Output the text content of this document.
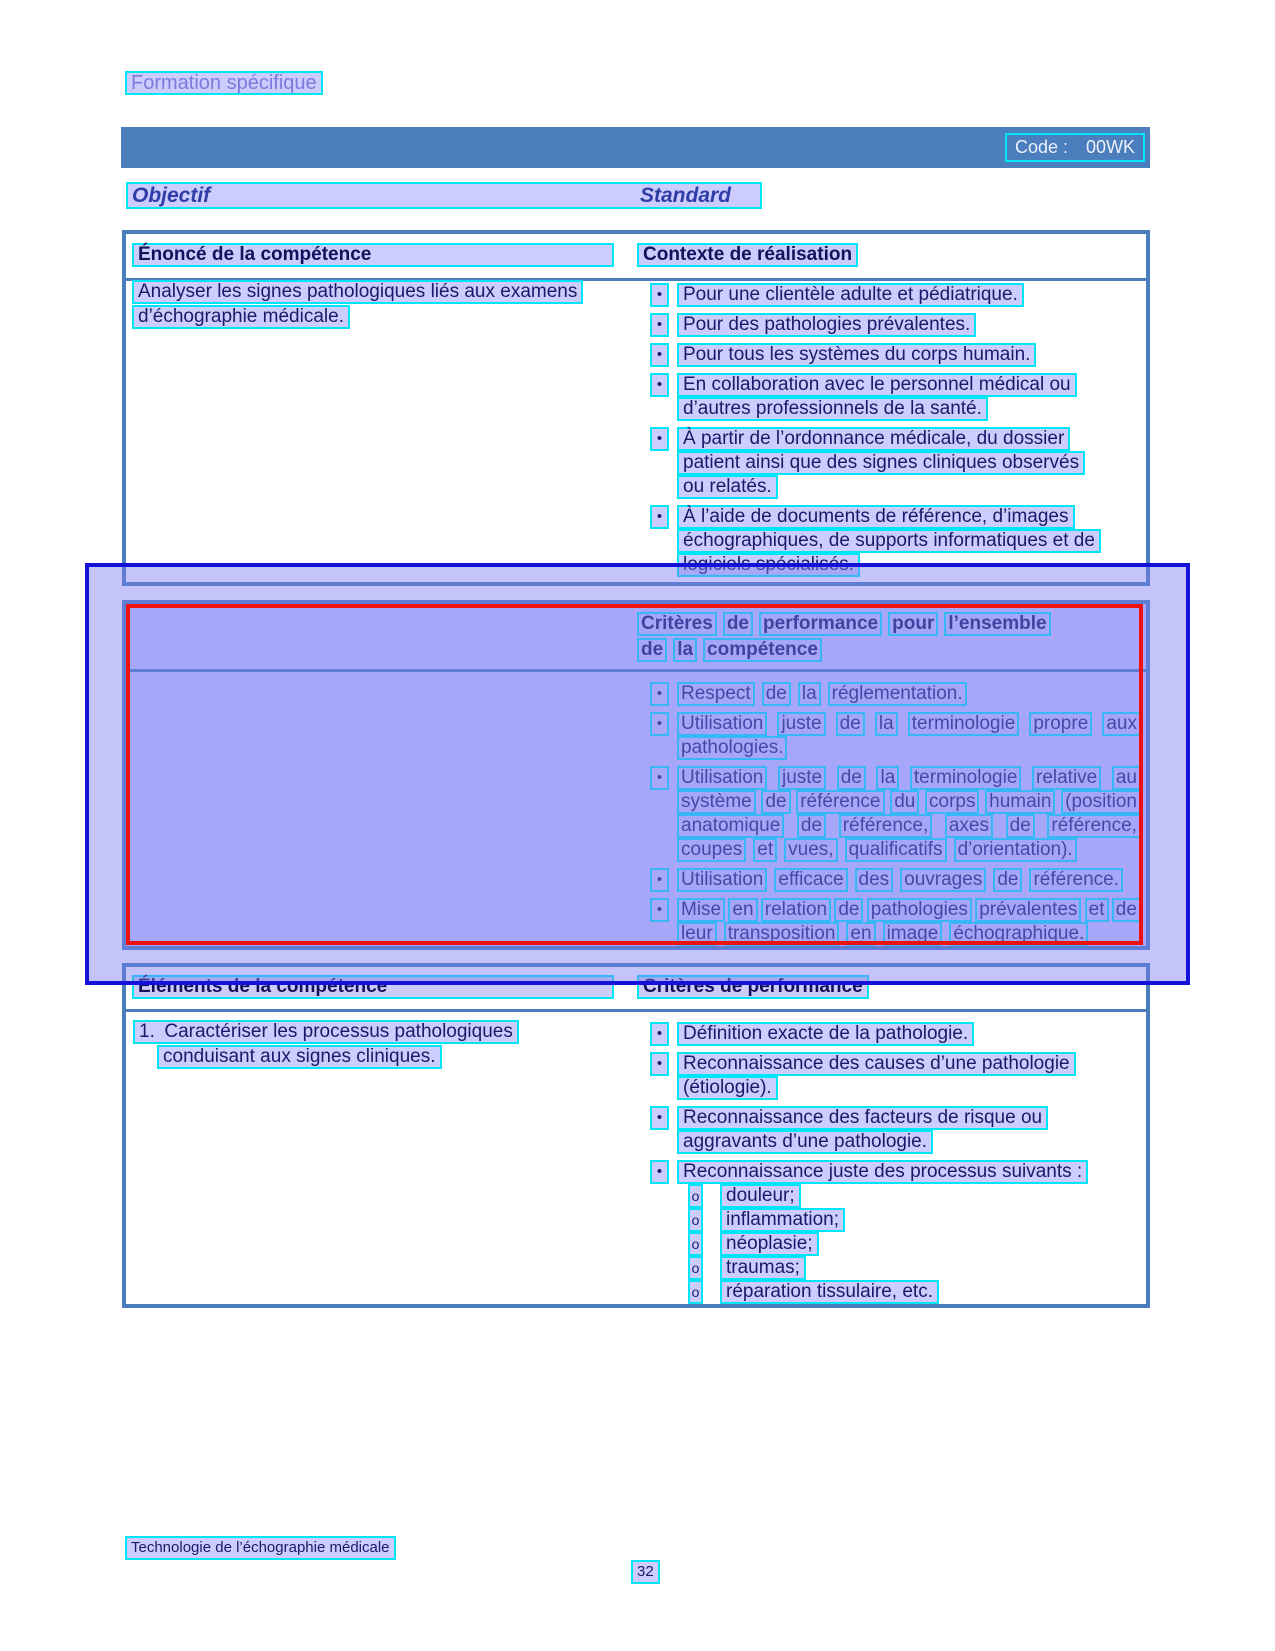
Formation spécifique
Code : 00WK
Objectif	Standard
Énoncé de la compétence	Contexte de réalisation
Analyser les signes pathologiques liés aux examens
d’échographie médicale.
•	Pour une clientèle adulte et pédiatrique.
•	Pour des pathologies prévalentes.
•	Pour tous les systèmes du corps humain.
•	En collaboration avec le personnel médical ou
d’autres professionnels de la santé.
•	À partir de l’ordonnance médicale, du dossier
patient ainsi que des signes cliniques observés
ou relatés.
•	À l’aide de documents de référence, d’images
échographiques, de supports informatiques et de
logiciels spécialisés.
Critères de performance pour l’ensemble
de la compétence
• Respect de la réglementation.
• Utilisation juste de la terminologie propre aux
pathologies.
• Utilisation juste de la terminologie relative au
système de référence du corps humain (position
anatomique de référence, axes de référence,
coupes et vues, qualificatifs d’orientation).
• Utilisation efficace des ouvrages de référence.
• Mise en relation de pathologies prévalentes et de
leur transposition en image échographique.
Éléments de la compétence	Critères de performance
1. Caractériser les processus pathologiques
conduisant aux signes cliniques.
•	Définition exacte de la pathologie.
•	Reconnaissance des causes d’une pathologie
(étiologie).
•	Reconnaissance des facteurs de risque ou
aggravants d’une pathologie.
•	Reconnaissance juste des processus suivants :
o	douleur;
o	inflammation;
o	néoplasie;
o	traumas;
o	réparation tissulaire, etc.
Technologie de l’échographie médicale
32
